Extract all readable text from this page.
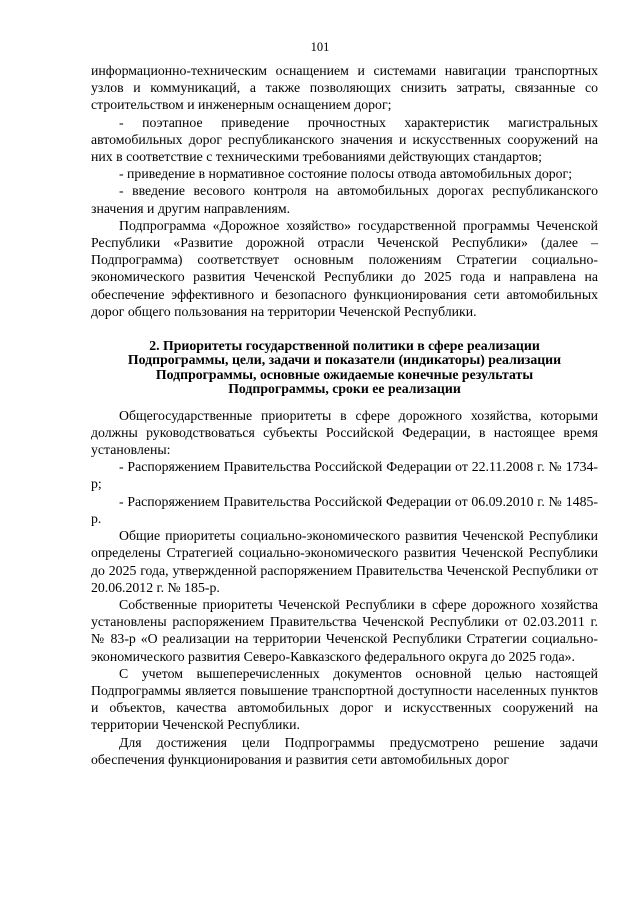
101

информационно-техническим оснащением и системами навигации транспортных узлов и коммуникаций, а также позволяющих снизить затраты, связанные со строительством и инженерным оснащением дорог;

- поэтапное приведение прочностных характеристик магистральных автомобильных дорог республиканского значения и искусственных сооружений на них в соответствие с техническими требованиями действующих стандартов;

- приведение в нормативное состояние полосы отвода автомобильных дорог;

- введение весового контроля на автомобильных дорогах республиканского значения и другим направлениям.

Подпрограмма «Дорожное хозяйство» государственной программы Чеченской Республики «Развитие дорожной отрасли Чеченской Республики» (далее – Подпрограмма) соответствует основным положениям Стратегии социально-экономического развития Чеченской Республики до 2025 года и направлена на обеспечение эффективного и безопасного функционирования сети автомобильных дорог общего пользования на территории Чеченской Республики.

2. Приоритеты государственной политики в сфере реализации
Подпрограммы, цели, задачи и показатели (индикаторы) реализации
Подпрограммы, основные ожидаемые конечные результаты
Подпрограммы, сроки ее реализации

Общегосударственные приоритеты в сфере дорожного хозяйства, которыми должны руководствоваться субъекты Российской Федерации, в настоящее время установлены:

- Распоряжением Правительства Российской Федерации от 22.11.2008 г. № 1734-р;

- Распоряжением Правительства Российской Федерации от 06.09.2010 г. № 1485-р.

Общие приоритеты социально-экономического развития Чеченской Республики определены Стратегией социально-экономического развития Чеченской Республики до 2025 года, утвержденной распоряжением Правительства Чеченской Республики от 20.06.2012 г. № 185-р.

Собственные приоритеты Чеченской Республики в сфере дорожного хозяйства установлены распоряжением Правительства Чеченской Республики от 02.03.2011 г. № 83-р «О реализации на территории Чеченской Республики Стратегии социально-экономического развития Северо-Кавказского федерального округа до 2025 года».

С учетом вышеперечисленных документов основной целью настоящей Подпрограммы является повышение транспортной доступности населенных пунктов и объектов, качества автомобильных дорог и искусственных сооружений на территории Чеченской Республики.

Для достижения цели Подпрограммы предусмотрено решение задачи обеспечения функционирования и развития сети автомобильных дорог
